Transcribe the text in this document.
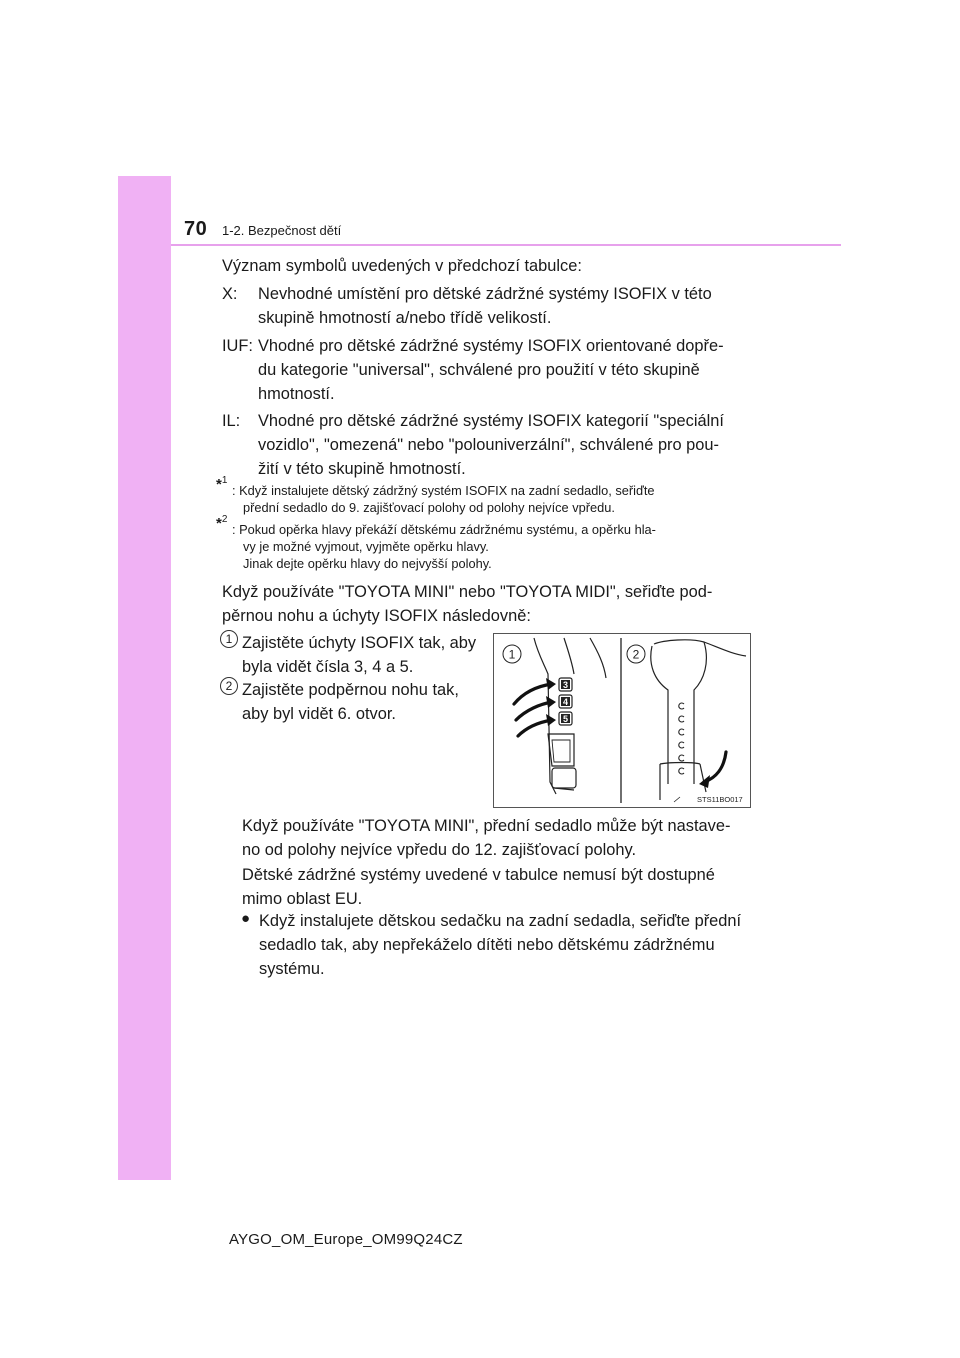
70 1-2. Bezpečnost dětí
Význam symbolů uvedených v předchozí tabulce:
X: Nevhodné umístění pro dětské zádržné systémy ISOFIX v této
skupině hmotností a/nebo třídě velikostí.
IUF: Vhodné pro dětské zádržné systémy ISOFIX orientované dopře-
du kategorie "universal", schválené pro použití v této skupině
hmotností.
IL: Vhodné pro dětské zádržné systémy ISOFIX kategorií "speciální
vozidlo", "omezená" nebo "polouniverzální", schválené pro pou-
žití v této skupině hmotností.
*$^1$
: Když instalujete dětský zádržný systém ISOFIX na zadní sedadlo, seřiďte
přední sedadlo do 9. zajišťovací polohy od polohy nejvíce vpředu.
*$^2$
: Pokud opěrka hlavy překáží dětskému zádržnému systému, a opěrku hla-
vy je možné vyjmout, vyjměte opěrku hlavy.
Jinak dejte opěrku hlavy do nejvyšší polohy.
Když používáte "TOYOTA MINI" nebo "TOYOTA MIDI", seřiďte pod-
pěrnou nohu a úchyty ISOFIX následovně:
1 Zajistěte úchyty ISOFIX tak, aby
byla vidět čísla 3, 4 a 5.
2 Zajistěte podpěrnou nohu tak,
aby byl vidět 6. otvor.
3
4
5
1	2
STS11BO017
Když používáte "TOYOTA MINI", přední sedadlo může být nastave-
no od polohy nejvíce vpředu do 12. zajišťovací polohy.
Dětské zádržné systémy uvedené v tabulce nemusí být dostupné
mimo oblast EU.
● Když instalujete dětskou sedačku na zadní sedadla, seřiďte přední
sedadlo tak, aby nepřekáželo dítěti nebo dětskému zádržnému
systému.
AYGO_OM_Europe_OM99Q24CZ
